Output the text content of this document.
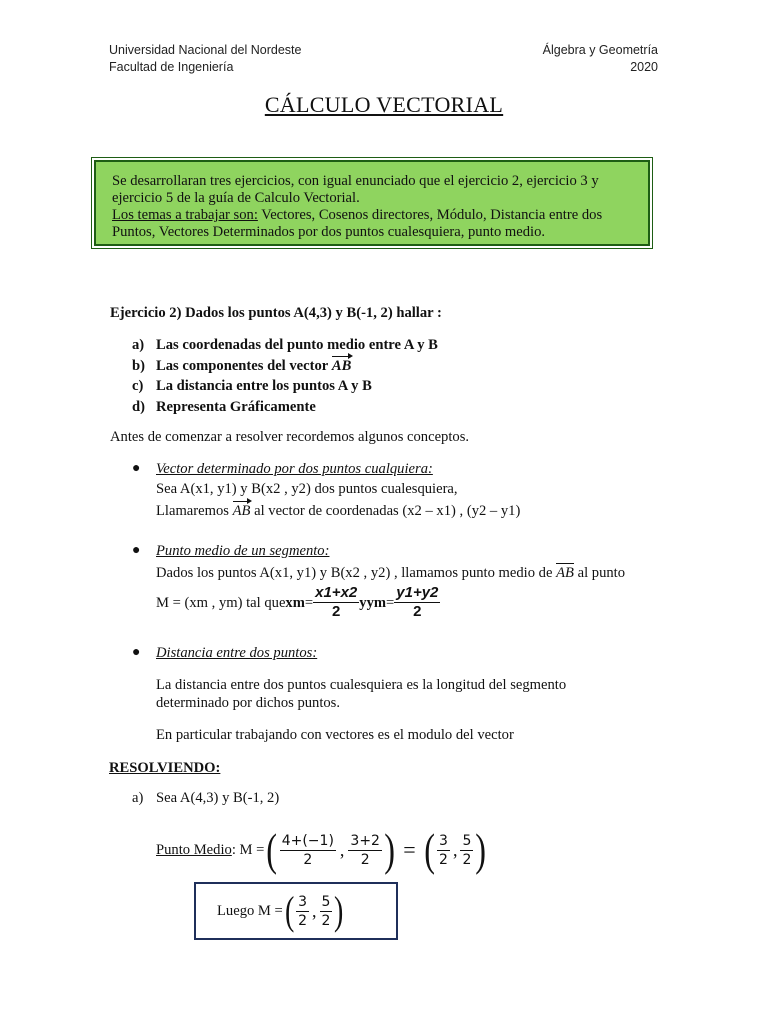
Universidad Nacional del Nordeste
Facultad de Ingeniería
Álgebra y Geometría
2020
CÁLCULO VECTORIAL
Se desarrollaran tres ejercicios, con igual enunciado que el ejercicio 2, ejercicio 3 y ejercicio 5 de la guía de Calculo Vectorial.
Los temas a trabajar son: Vectores, Cosenos directores, Módulo, Distancia entre dos Puntos, Vectores Determinados por dos puntos cualesquiera, punto medio.
Ejercicio 2) Dados los puntos A(4,3) y B(-1, 2) hallar :
a) Las coordenadas del punto medio entre A y B
b) Las componentes del vector
AB
c) La distancia entre los puntos A y B
d) Representa Gráficamente
Antes de comenzar a resolver recordemos algunos conceptos.
● Vector determinado por dos puntos cualquiera:
Sea A(x1, y1) y B(x2 , y2) dos puntos cualesquiera,
Llamaremos AB al vector de coordenadas (x2 – x1) , (y2 – y1)
● Punto medio de un segmento:
Dados los puntos A(x1, y1) y B(x2 , y2) , llamamos punto medio de AB al punto
M = (xm , ym) tal que xm = $\frac{x1+x2}{2}$ y ym = $\frac{y1+y2}{2}$
● Distancia entre dos puntos:
La distancia entre dos puntos cualesquiera es la longitud del segmento
determinado por dichos puntos.
En particular trabajando con vectores es el modulo del vector
RESOLVIENDO:
a) Sea A(4,3) y B(-1, 2)
Punto Medio : M = ( $\frac{4+(-1)}{2}$ , $\frac{3+2}{2}$ ) = ( $\frac{3}{2}$ , $\frac{5}{2}$ )
Luego M = ( $\frac{3}{2}$ , $\frac{5}{2}$ )
